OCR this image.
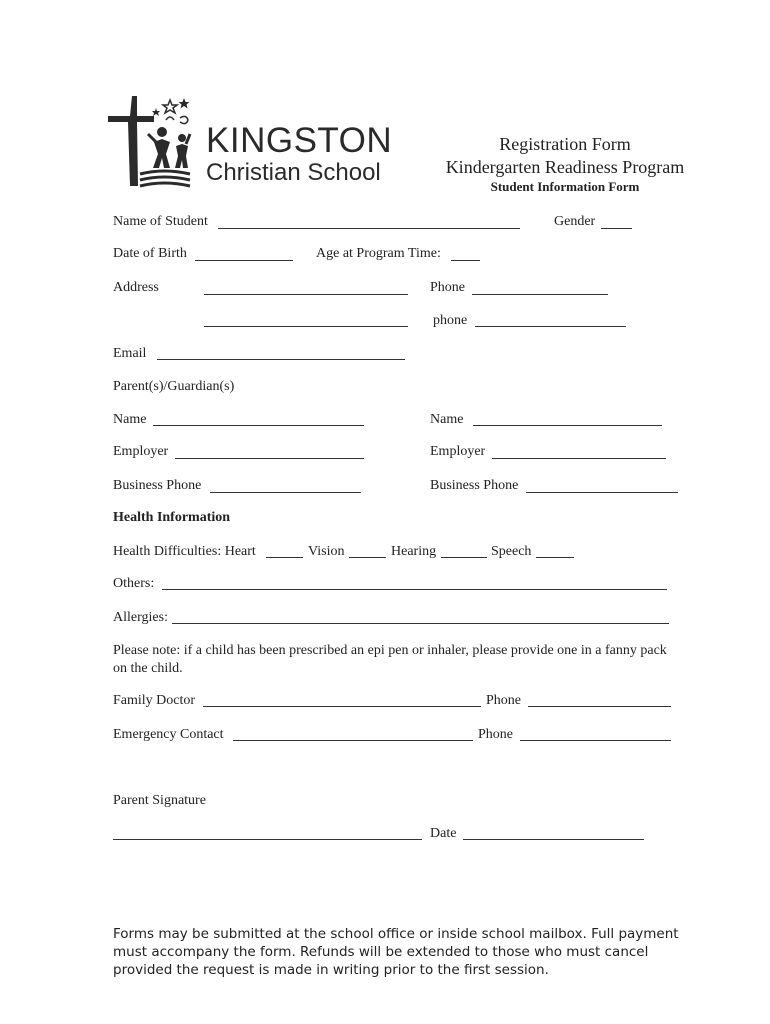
KINGSTON
Christian School
Registration Form
Kindergarten Readiness Program
Student Information Form
Name of Student	Gender
Date of Birth	Age at Program Time:
Address	Phone
phone
Email
Parent(s)/Guardian(s)
Name	Name
Employer	Employer
Business Phone	Business Phone
Health Information
Health Difficulties: Heart	Vision	Hearing	Speech
Others:
Allergies:
Please note: if a child has been prescribed an epi pen or inhaler, please provide one in a fanny pack
on the child.
Family Doctor	Phone
Emergency Contact	Phone
Parent Signature
Date
Forms may be submitted at the school office or inside school mailbox. Full payment must accompany the form. Refunds will be extended to those who must cancel provided the request is made in writing prior to the first session.
